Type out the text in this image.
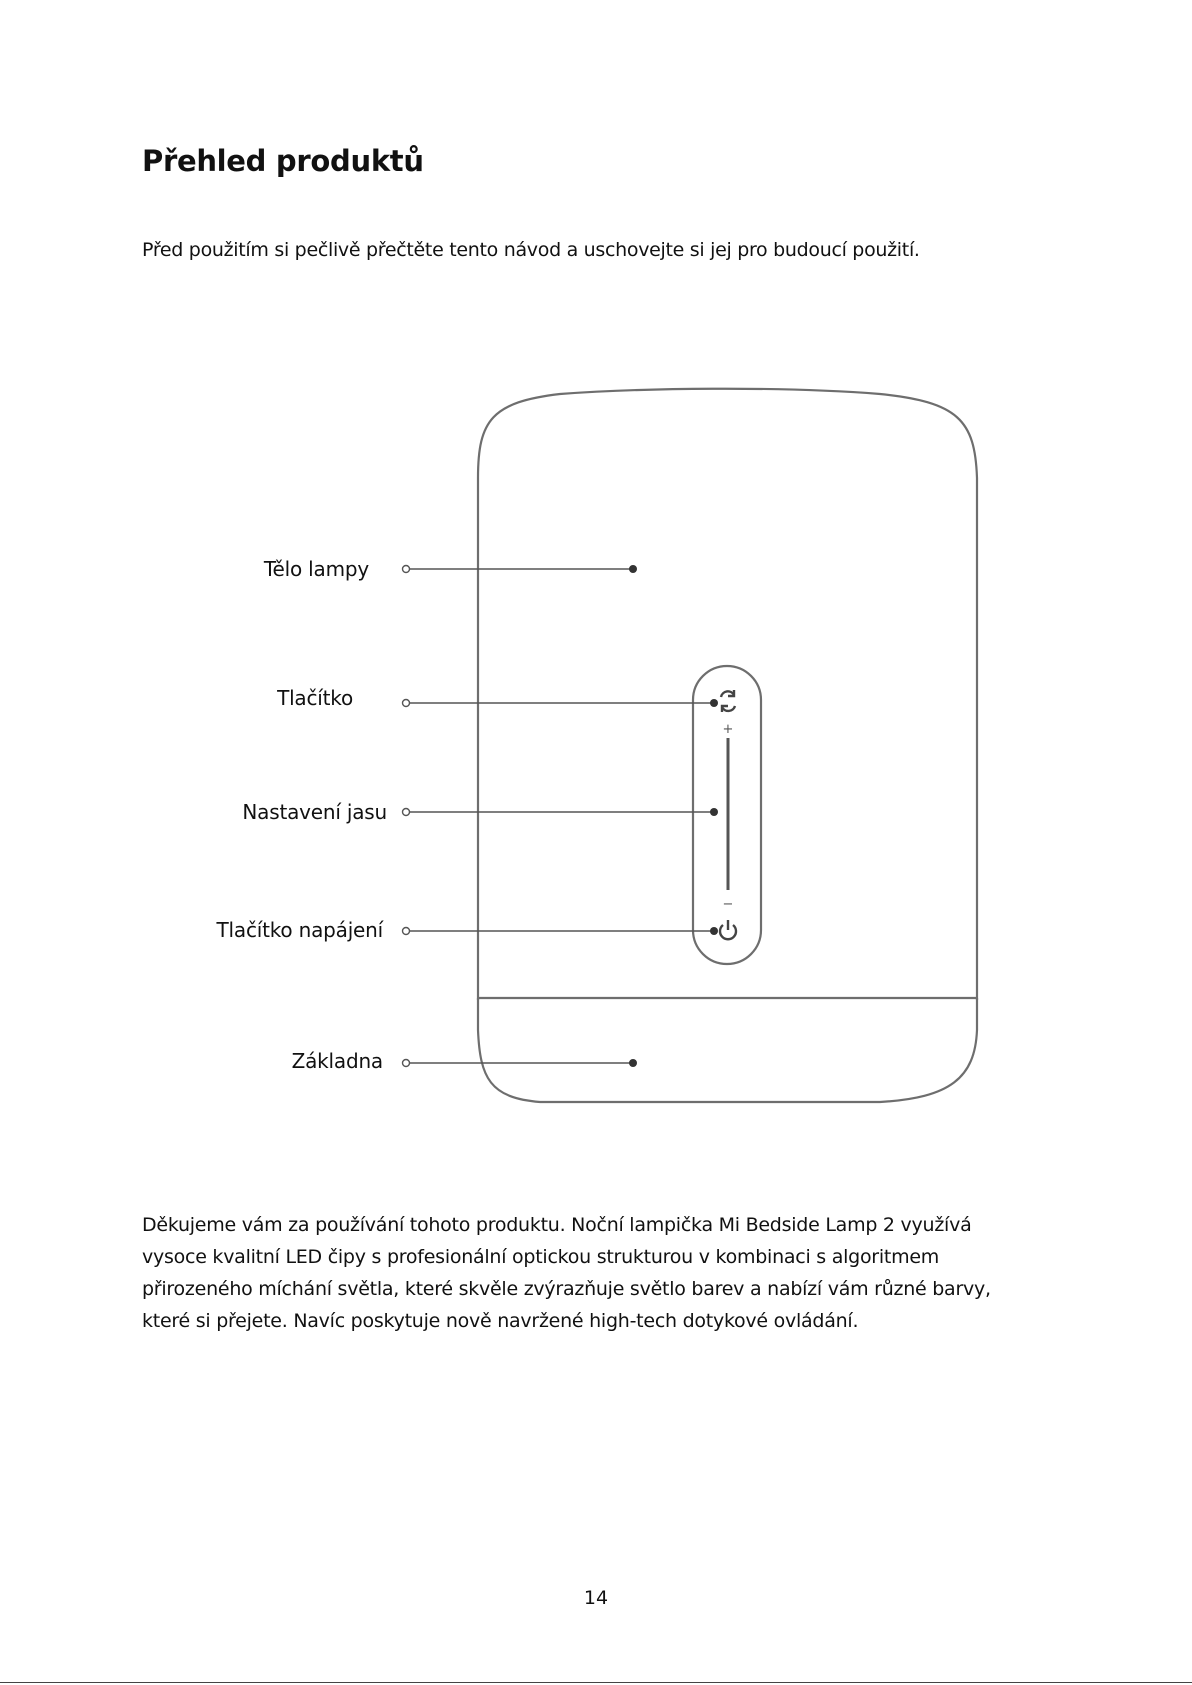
Přehled produktů

Před použitím si pečlivě přečtěte tento návod a uschovejte si jej pro budoucí použití.

+
−
Tělo lampy
Tlačítko
Nastavení jasu
Tlačítko napájení
Základna

Děkujeme vám za používání tohoto produktu. Noční lampička Mi Bedside Lamp 2 využívá
vysoce kvalitní LED čipy s profesionální optickou strukturou v kombinaci s algoritmem
přirozeného míchání světla, které skvěle zvýrazňuje světlo barev a nabízí vám různé barvy,
které si přejete. Navíc poskytuje nově navržené high-tech dotykové ovládání.

14
